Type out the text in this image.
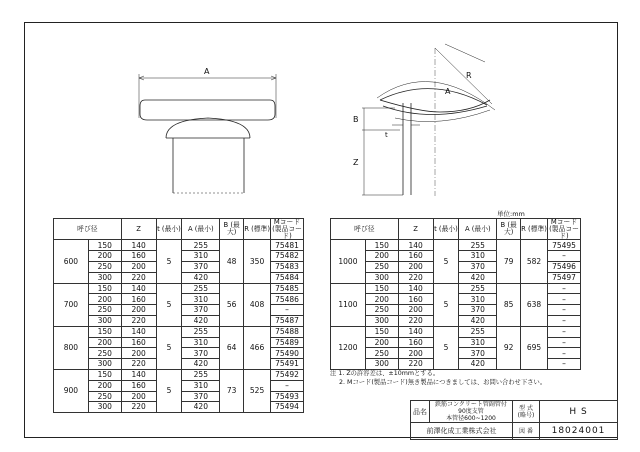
A
A
R
B
t
Z
単位:mm
呼び径		Z	t (最小)	A (最小)	B (最大)	R (標準)	Mコード (製品コード)
600	150	140	5	255	48	350	75481
	200	160		310			75482
	250	200		370			75483
	300	220		420			75484
700	150	140	5	255	56	408	75485
	200	160		310			75486
	250	200		370			–
	300	220		420			75487
800	150	140	5	255	64	466	75488
	200	160		310			75489
	250	200		370			75490
	300	220		420			75491
900	150	140	5	255	73	525	75492
	200	160		310			–
	250	200		370			75493
	300	220		420			75494
呼び径		Z	t (最小)	A (最小)	B (最大)	R (標準)	Mコード (製品コード)
1000	150	140	5	255	79	582	75495
	200	160		310			–
	250	200		370			75496
	300	220		420			75497
1100	150	140	5	255	85	638	–
	200	160		310			–
	250	200		370			–
	300	220		420			–
1200	150	140	5	255	92	695	–
	200	160		310			–
	250	200		370			–
	300	220		420			–
注 1. Zの許容差は、±10mmとする。
2. Mコード(製品コード)無き製品につきましては、お問い合わせ下さい。
品名	鉄筋コンクリート管副管付90度支管
本管径600~1200	型 式 (略号)	H S
前澤化成工業株式会社		図 番	18024001
